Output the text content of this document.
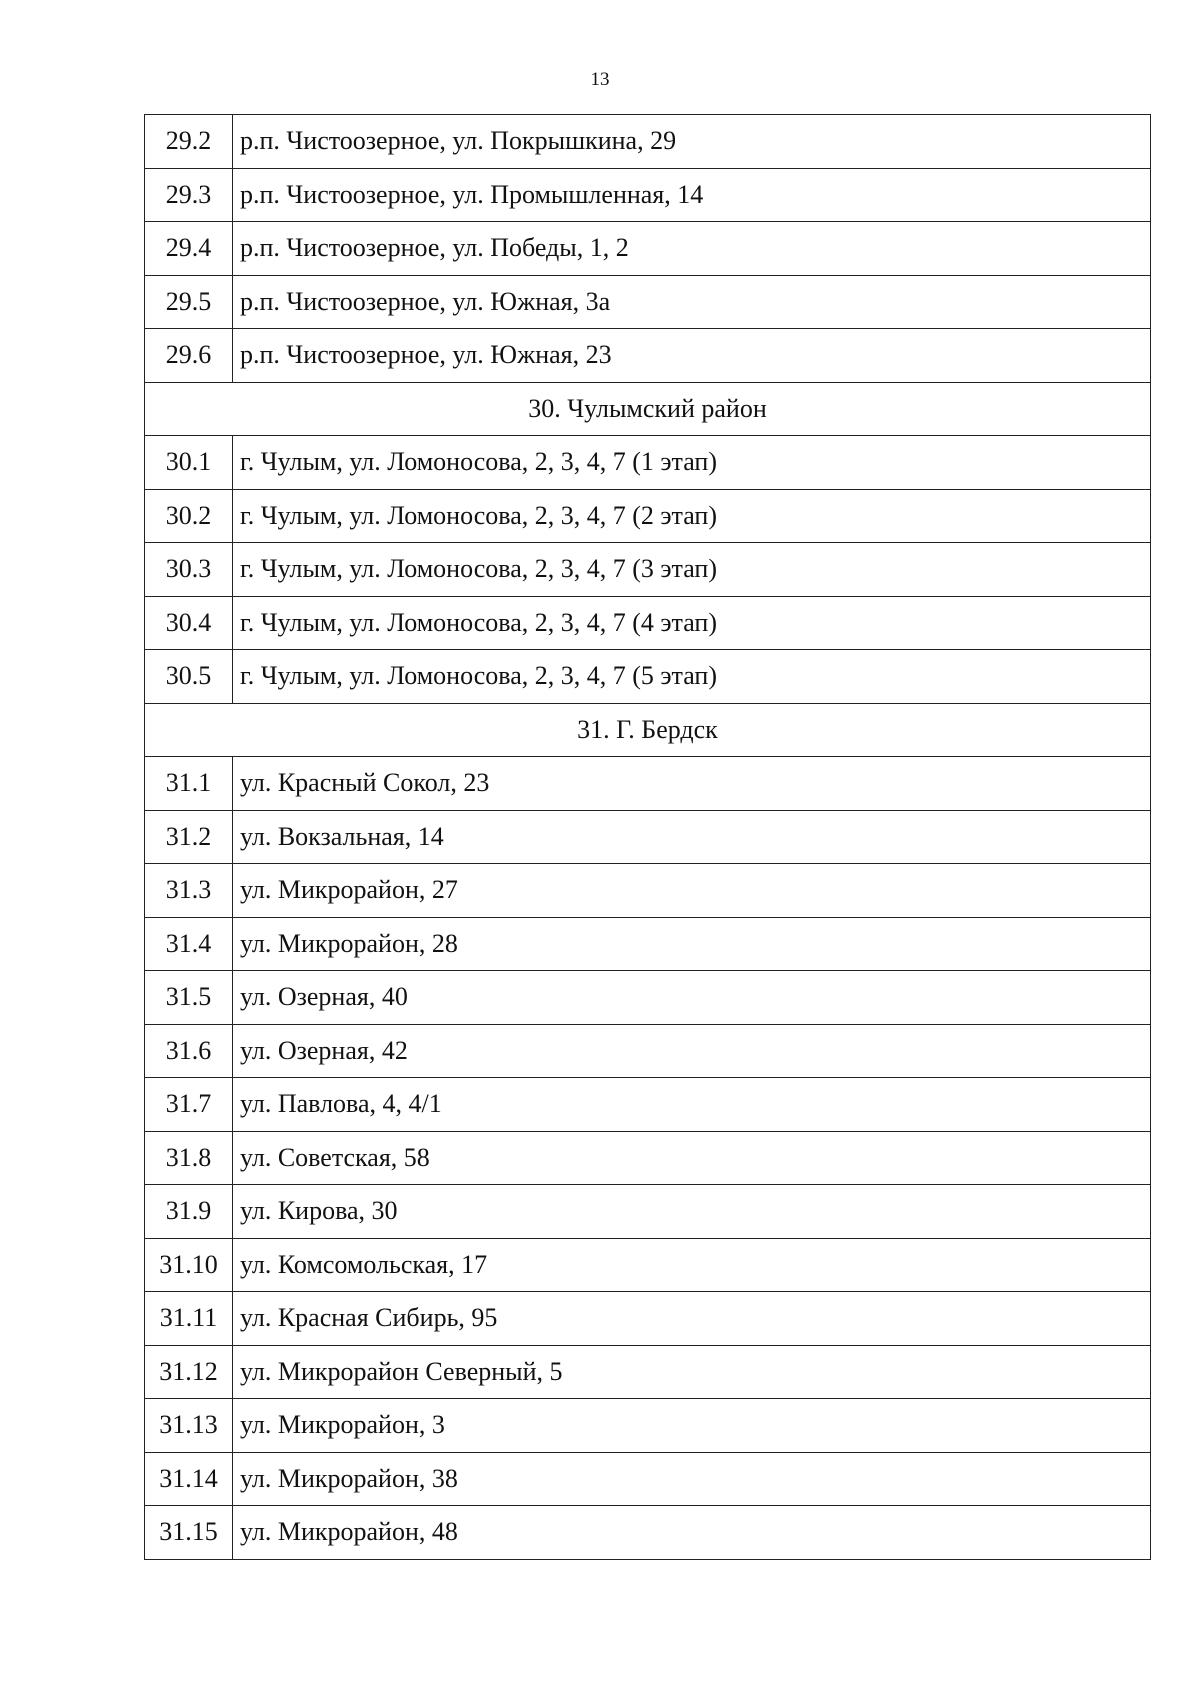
13
29.2	р.п. Чистоозерное, ул. Покрышкина, 29
29.3	р.п. Чистоозерное, ул. Промышленная, 14
29.4	р.п. Чистоозерное, ул. Победы, 1, 2
29.5	р.п. Чистоозерное, ул. Южная, 3а
29.6	р.п. Чистоозерное, ул. Южная, 23
30. Чулымский район	
30.1	г. Чулым, ул. Ломоносова, 2, 3, 4, 7 (1 этап)
30.2	г. Чулым, ул. Ломоносова, 2, 3, 4, 7 (2 этап)
30.3	г. Чулым, ул. Ломоносова, 2, 3, 4, 7 (3 этап)
30.4	г. Чулым, ул. Ломоносова, 2, 3, 4, 7 (4 этап)
30.5	г. Чулым, ул. Ломоносова, 2, 3, 4, 7 (5 этап)
31. Г. Бердск	
31.1	ул. Красный Сокол, 23
31.2	ул. Вокзальная, 14
31.3	ул. Микрорайон, 27
31.4	ул. Микрорайон, 28
31.5	ул. Озерная, 40
31.6	ул. Озерная, 42
31.7	ул. Павлова, 4, 4/1
31.8	ул. Советская, 58
31.9	ул. Кирова, 30
31.10	ул. Комсомольская, 17
31.11	ул. Красная Сибирь, 95
31.12	ул. Микрорайон Северный, 5
31.13	ул. Микрорайон, 3
31.14	ул. Микрорайон, 38
31.15	ул. Микрорайон, 48
